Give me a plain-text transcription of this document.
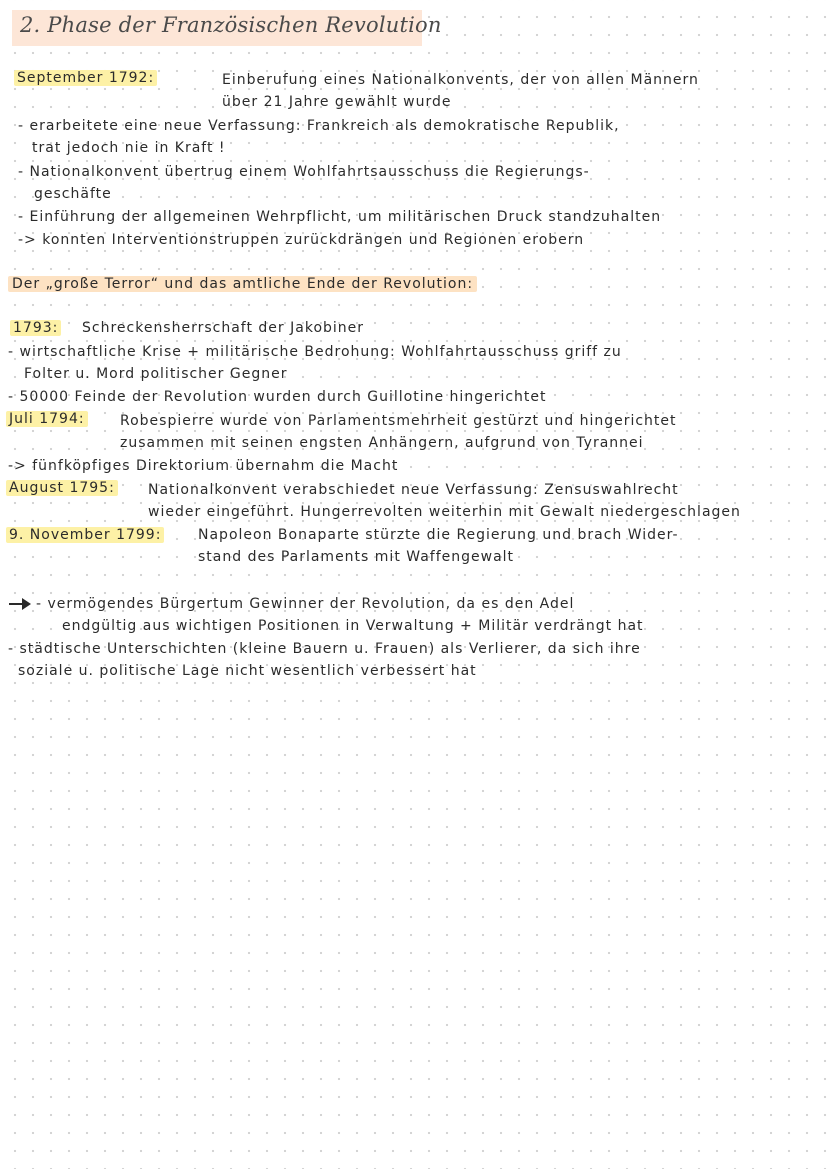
2. Phase der Französischen Revolution
September 1792:	Einberufung eines Nationalkonvents, der von allen Männern
über 21 Jahre gewählt wurde
- erarbeitete eine neue Verfassung: Frankreich als demokratische Republik,
trat jedoch nie in Kraft !
- Nationalkonvent übertrug einem Wohlfahrtsausschuss die Regierungs-
geschäfte
- Einführung der allgemeinen Wehrpflicht, um militärischen Druck standzuhalten
-> konnten Interventionstruppen zurückdrängen und Regionen erobern
Der „große Terror“ und das amtliche Ende der Revolution:
1793: Schreckensherrschaft der Jakobiner
- wirtschaftliche Krise + militärische Bedrohung: Wohlfahrtausschuss griff zu
Folter u. Mord politischer Gegner
- 50000 Feinde der Revolution wurden durch Guillotine hingerichtet
Juli 1794:	Robespierre wurde von Parlamentsmehrheit gestürzt und hingerichtet
zusammen mit seinen engsten Anhängern, aufgrund von Tyrannei
-> fünfköpfiges Direktorium übernahm die Macht
August 1795: Nationalkonvent verabschiedet neue Verfassung: Zensuswahlrecht
wieder eingeführt. Hungerrevolten weiterhin mit Gewalt niedergeschlagen
9. November 1799:	Napoleon Bonaparte stürzte die Regierung und brach Wider-
stand des Parlaments mit Waffengewalt
- vermögendes Bürgertum Gewinner der Revolution, da es den Adel
endgültig aus wichtigen Positionen in Verwaltung + Militär verdrängt hat
- städtische Unterschichten (kleine Bauern u. Frauen) als Verlierer, da sich ihre
soziale u. politische Lage nicht wesentlich verbessert hat
